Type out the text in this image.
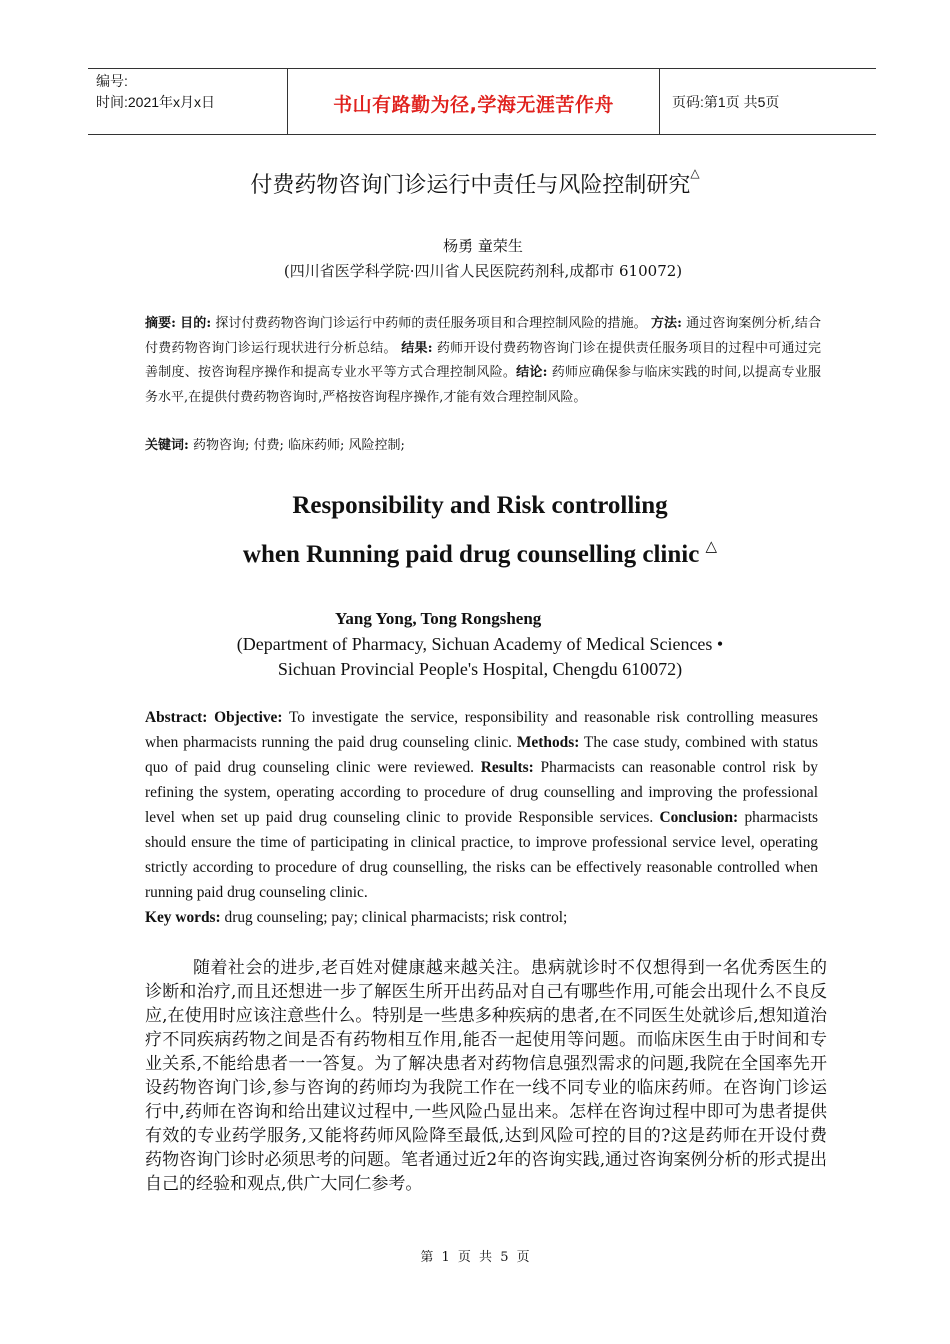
编号:
时间:2021年x月x日	书山有路勤为径,学海无涯苦作舟	页码:第1页 共5页
付费药物咨询门诊运行中责任与风险控制研究△
杨勇 童荣生
(四川省医学科学院·四川省人民医院药剂科,成都市 610072)

摘要: 目的: 探讨付费药物咨询门诊运行中药师的责任服务项目和合理控制风险的措施。 方法: 通过咨询案例分析,结合付费药物咨询门诊运行现状进行分析总结。 结果: 药师开设付费药物咨询门诊在提供责任服务项目的过程中可通过完善制度、按咨询程序操作和提高专业水平等方式合理控制风险。结论: 药师应确保参与临床实践的时间,以提高专业服务水平,在提供付费药物咨询时,严格按咨询程序操作,才能有效合理控制风险。

关键词: 药物咨询; 付费; 临床药师; 风险控制;

Responsibility and Risk controlling
when Running paid drug counselling clinic △
Yang Yong, Tong Rongsheng
(Department of Pharmacy, Sichuan Academy of Medical Sciences •
Sichuan Provincial People's Hospital, Chengdu 610072)

Abstract: Objective: To investigate the service, responsibility and reasonable risk controlling measures when pharmacists running the paid drug counseling clinic. Methods: The case study, combined with status quo of paid drug counseling clinic were reviewed. Results: Pharmacists can reasonable control risk by refining the system, operating according to procedure of drug counselling and improving the professional level when set up paid drug counseling clinic to provide Responsible services. Conclusion: pharmacists should ensure the time of participating in clinical practice, to improve professional service level, operating strictly according to procedure of drug counselling, the risks can be effectively reasonable controlled when running paid drug counseling clinic.

Key words: drug counseling; pay; clinical pharmacists; risk control;

随着社会的进步,老百姓对健康越来越关注。患病就诊时不仅想得到一名优秀医生的诊断和治疗,而且还想进一步了解医生所开出药品对自己有哪些作用,可能会出现什么不良反应,在使用时应该注意些什么。特别是一些患多种疾病的患者,在不同医生处就诊后,想知道治疗不同疾病药物之间是否有药物相互作用,能否一起使用等问题。而临床医生由于时间和专业关系,不能给患者一一答复。为了解决患者对药物信息强烈需求的问题,我院在全国率先开设药物咨询门诊,参与咨询的药师均为我院工作在一线不同专业的临床药师。在咨询门诊运行中,药师在咨询和给出建议过程中,一些风险凸显出来。怎样在咨询过程中即可为患者提供有效的专业药学服务,又能将药师风险降至最低,达到风险可控的目的?这是药师在开设付费药物咨询门诊时必须思考的问题。笔者通过近2年的咨询实践,通过咨询案例分析的形式提出自己的经验和观点,供广大同仁参考。

第 1 页 共 5 页
